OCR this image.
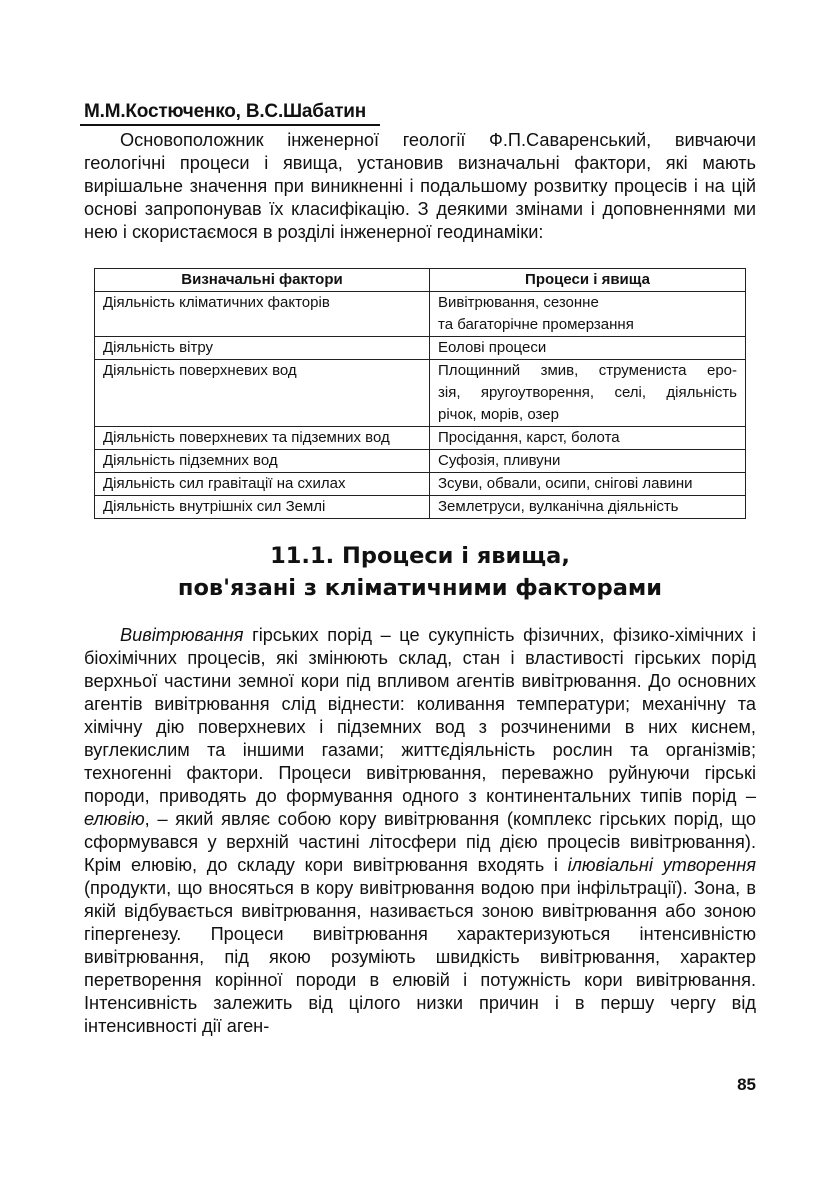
М.М.Костюченко, В.С.Шабатин

Основоположник інженерної геології Ф.П.Саваренський, вивчаючи геологічні процеси і явища, установив визначальні фактори, які мають вирішальне значення при виникненні і подальшому розвитку процесів і на цій основі запропонував їх класифікацію. З деякими змінами і доповненнями ми нею і скористаємося в розділі інженерної геодинаміки:

Визначальні фактори	Процеси і явища
Діяльність кліматичних факторів	Вивітрювання, сезонне
та багаторічне промерзання

Діяльність вітру	Еолові процеси

Діяльність поверхневих вод	Площинний змив, струмениста еро-
зія, яругоутворення, селі, діяльність
річок, морів, озер

Діяльність поверхневих та підземних вод	Просідання, карст, болота

Діяльність підземних вод	Суфозія, пливуни

Діяльність сил гравітації на схилах	Зсуви, обвали, осипи, снігові лавини

Діяльність внутрішніх сил Землі	Землетруси, вулканічна діяльність
11.1. Процеси і явища,
пов'язані з кліматичними факторами

Вивітрювання гірських порід – це сукупність фізичних, фізико-хімічних і біохімічних процесів, які змінюють склад, стан і властивості гірських порід верхньої частини земної кори під впливом агентів вивітрювання. До основних агентів вивітрювання слід віднести: коливання температури; механічну та хімічну дію поверхневих і підземних вод з розчиненими в них киснем, вуглекислим та іншими газами; життєдіяльність рослин та організмів; техногенні фактори. Процеси вивітрювання, переважно руйнуючи гірські породи, приводять до формування одного з континентальних типів порід – елювію, – який являє собою кору вивітрювання (комплекс гірських порід, що сформувався у верхній частині літосфери під дією процесів вивітрювання). Крім елювію, до складу кори вивітрювання входять і ілювіальні утворення (продукти, що вносяться в кору вивітрювання водою при інфільтрації). Зона, в якій відбувається вивітрювання, називається зоною вивітрювання або зоною гіпергенезу. Процеси вивітрювання характеризуються інтенсивністю вивітрювання, під якою розуміють швидкість вивітрювання, характер перетворення корінної породи в елювій і потужність кори вивітрювання. Інтенсивність залежить від цілого низки причин і в першу чергу від інтенсивності дії аген-

85
